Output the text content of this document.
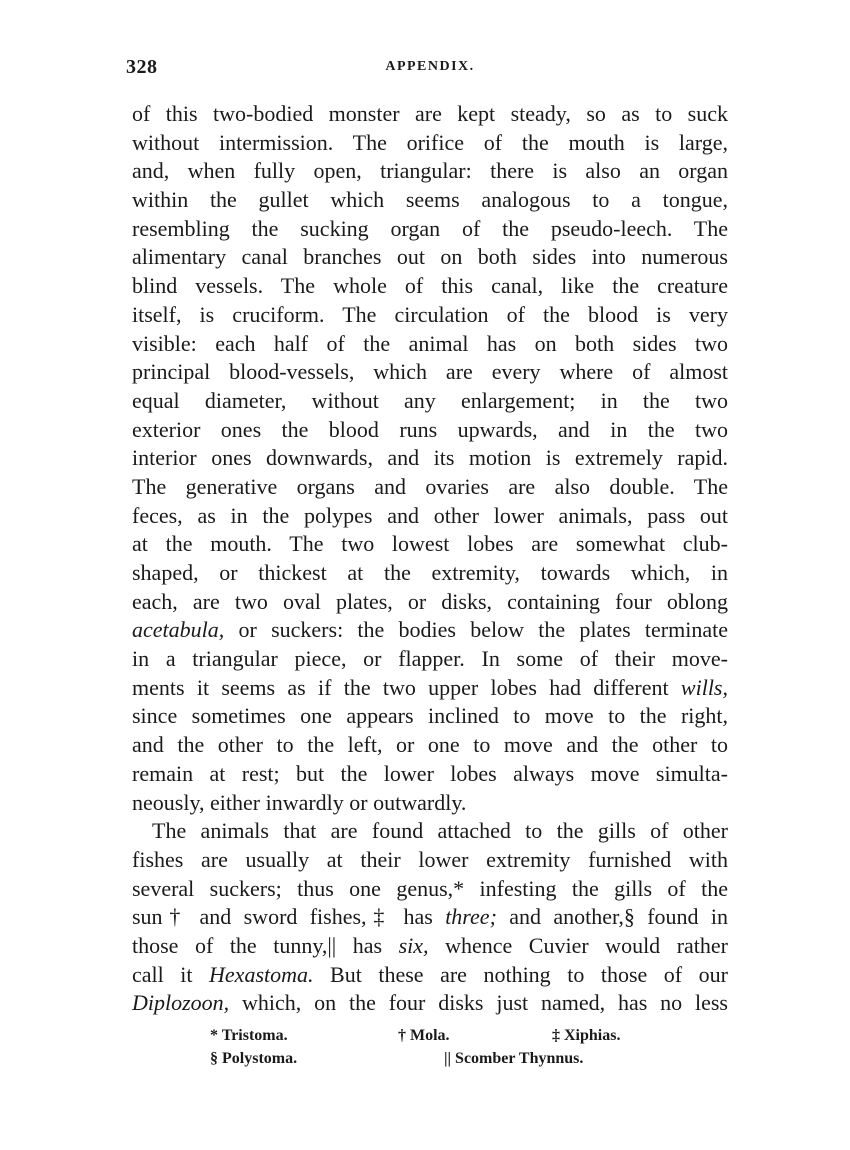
328	APPENDIX.
of this two-bodied monster are kept steady, so as to suck
without intermission. The orifice of the mouth is large,
and, when fully open, triangular: there is also an organ
within the gullet which seems analogous to a tongue,
resembling the sucking organ of the pseudo-leech. The
alimentary canal branches out on both sides into numerous
blind vessels. The whole of this canal, like the creature
itself, is cruciform. The circulation of the blood is very
visible: each half of the animal has on both sides two
principal blood-vessels, which are every where of almost
equal diameter, without any enlargement; in the two
exterior ones the blood runs upwards, and in the two
interior ones downwards, and its motion is extremely rapid.
The generative organs and ovaries are also double. The
feces, as in the polypes and other lower animals, pass out
at the mouth. The two lowest lobes are somewhat club-
shaped, or thickest at the extremity, towards which, in
each, are two oval plates, or disks, containing four oblong
acetabula, or suckers: the bodies below the plates terminate
in a triangular piece, or flapper. In some of their move-
ments it seems as if the two upper lobes had different wills,
since sometimes one appears inclined to move to the right,
and the other to the left, or one to move and the other to
remain at rest; but the lower lobes always move simulta-
neously, either inwardly or outwardly.
The animals that are found attached to the gills of other
fishes are usually at their lower extremity furnished with
several suckers; thus one genus,* infesting the gills of the
sun† and sword fishes,‡ has three; and another,§ found in
those of the tunny,|| has six, whence Cuvier would rather
call it Hexastoma. But these are nothing to those of our
Diplozoon, which, on the four disks just named, has no less
* Tristoma.	† Mola.	‡ Xiphias.
§ Polystoma.	|| Scomber Thynnus.
